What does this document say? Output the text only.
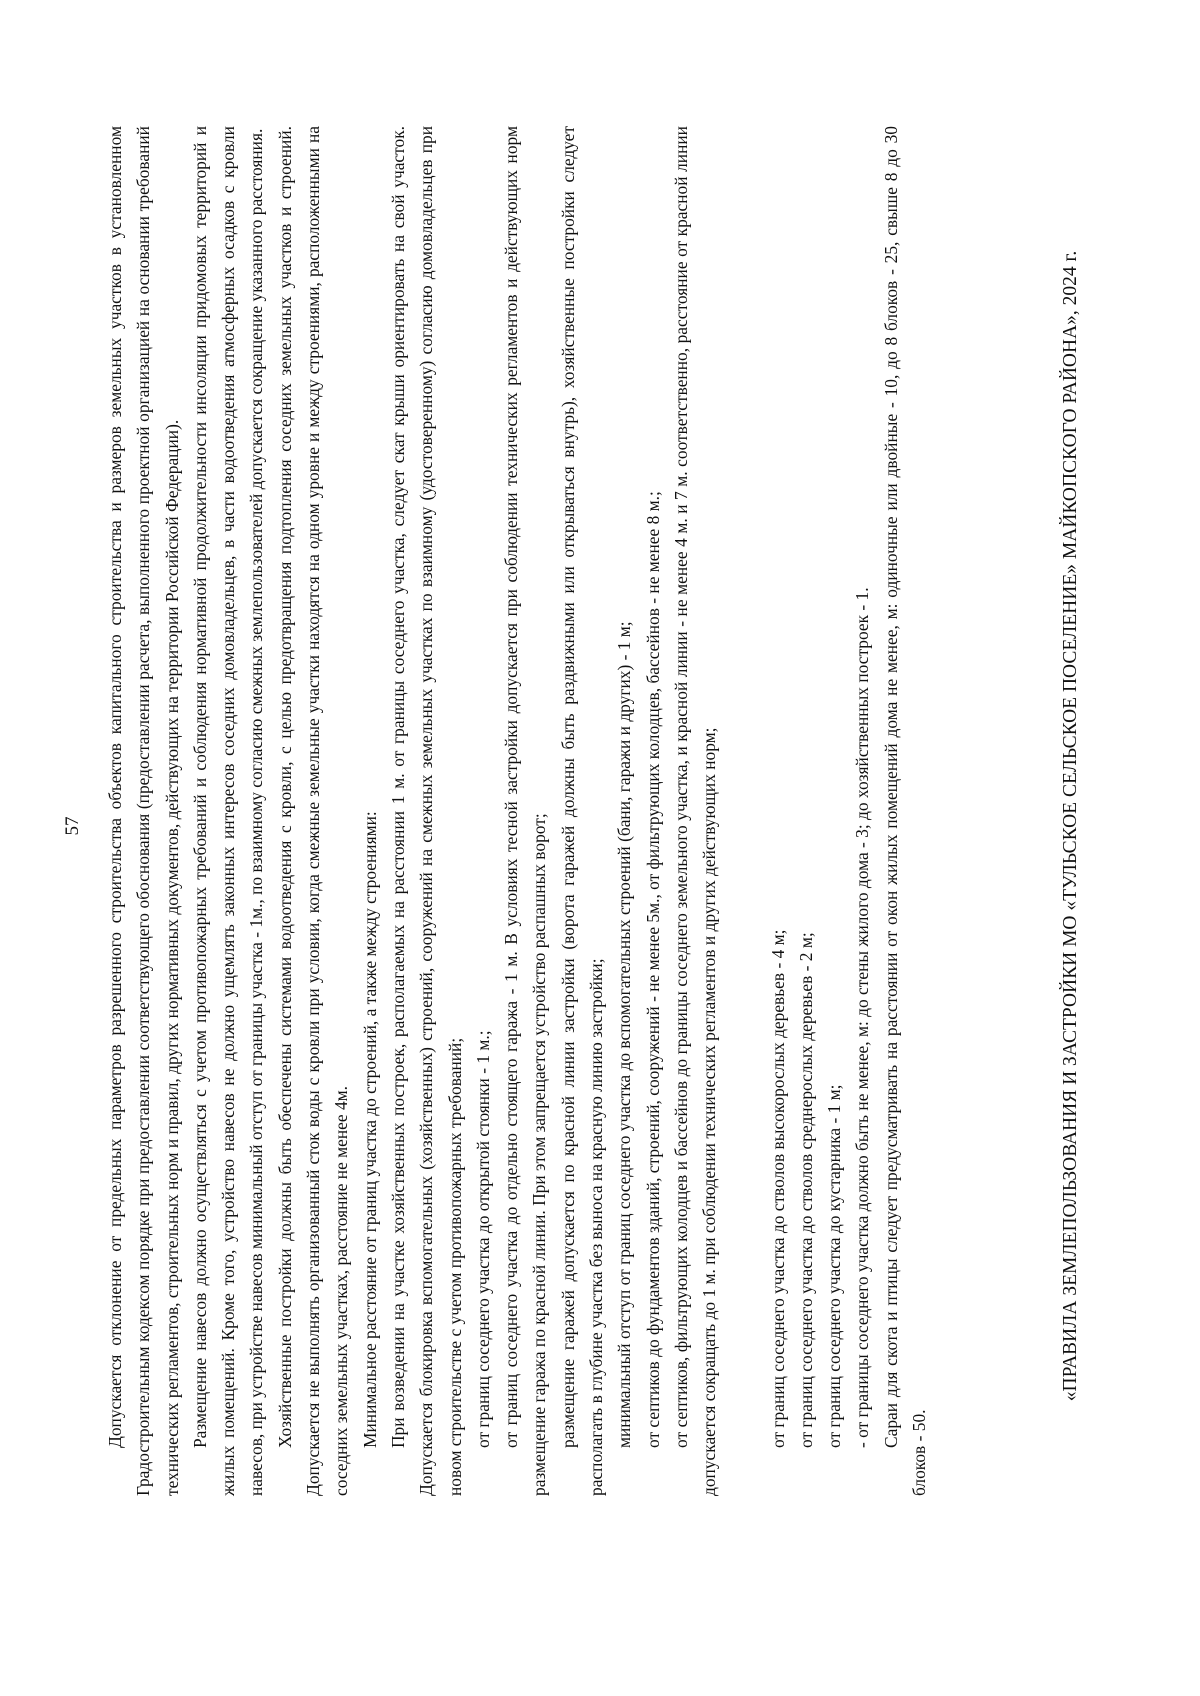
57 Допускается отклонение от предельных параметров разрешенного строительства объектов капитального строительства и размеров земельных участков в установленном Градостроительным кодексом порядке при предоставлении соответствующего обоснования (предоставлении расчета, выполненного проектной организацией на основании требований технических регламентов, строительных норм и правил, других нормативных документов, действующих на территории Российской Федерации). Размещение навесов должно осуществляться с учетом противопожарных требований и соблюдения нормативной продолжительности инсоляции придомовых территорий и жилых помещений. Кроме того, устройство навесов не должно ущемлять законных интересов соседних домовладельцев, в части водоотведения атмосферных осадков с кровли навесов, при устройстве навесов минимальный отступ от границы участка - 1м., по взаимному согласию смежных землепользователей допускается сокращение указанного расстояния. Хозяйственные постройки должны быть обеспечены системами водоотведения с кровли, с целью предотвращения подтопления соседних земельных участков и строений. Допускается не выполнять организованный сток воды с кровли при условии, когда смежные земельные участки находятся на одном уровне и между строениями, расположенными на соседних земельных участках, расстояние не менее 4м. Минимальное расстояние от границ участка до строений, а также между строениями: При возведении на участке хозяйственных построек, располагаемых на расстоянии 1 м. от границы соседнего участка, следует скат крыши ориентировать на свой участок. Допускается блокировка вспомогательных (хозяйственных) строений, сооружений на смежных земельных участках по взаимному (удостоверенному) согласию домовладельцев при новом строительстве с учетом противопожарных требований; от границ соседнего участка до открытой стоянки - 1 м.; от границ соседнего участка до отдельно стоящего гаража - 1 м. В условиях тесной застройки допускается при соблюдении технических регламентов и действующих норм размещение гаража по красной линии. При этом запрещается устройство распашных ворот; размещение гаражей допускается по красной линии застройки (ворота гаражей должны быть раздвижными или открываться внутрь), хозяйственные постройки следует располагать в глубине участка без выноса на красную линию застройки; минимальный отступ от границ соседнего участка до вспомогательных строений (бани, гаражи и других) - 1 м; от септиков до фундаментов зданий, строений, сооружений - не менее 5м., от фильтрующих колодцев, бассейнов - не менее 8 м.; от септиков, фильтрующих колодцев и бассейнов до границы соседнего земельного участка, и красной линии - не менее 4 м. и 7 м. соответственно, расстояние от красной линии допускается сокращать до 1 м. при соблюдении технических регламентов и других действующих норм;	от границ соседнего участка до стволов высокорослых деревьев - 4 м; от границ соседнего участка до стволов среднерослых деревьев - 2 м; от границ соседнего участка до кустарника - 1 м; - от границы соседнего участка должно быть не менее, м: до стены жилого дома - 3; до хозяйственных построек - 1. Сараи для скота и птицы следует предусматривать на расстоянии от окон жилых помещений дома не менее, м: одиночные или двойные - 10, до 8 блоков - 25, свыше 8 до 30 блоков - 50.

«ПРАВИЛА ЗЕМЛЕПОЛЬЗОВАНИЯ И ЗАСТРОЙКИ МО «ТУЛЬСКОЕ СЕЛЬСКОЕ ПОСЕЛЕНИЕ» МАЙКОПСКОГО РАЙОНА», 2024 г.
